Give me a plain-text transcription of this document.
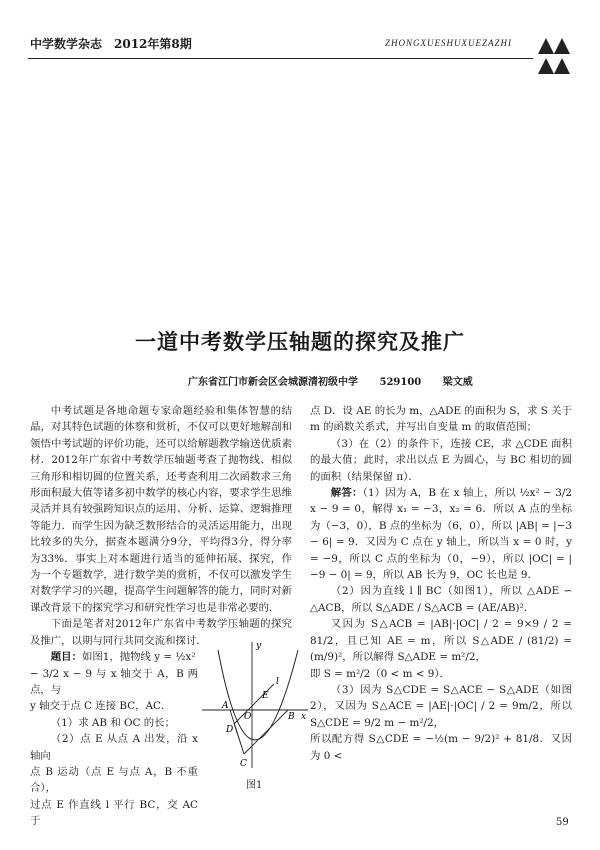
中学数学杂志　2012年第8期	ZHONGXUESHUXUEZAZHI
一道中考数学压轴题的探究及推广
广东省江门市新会区会城源清初级中学 529100 梁文威

中考试题是各地命题专家命题经验和集体智慧的结晶，对其特色试题的体察和赏析，不仅可以更好地解剖和领悟中考试题的评价功能，还可以给解题教学输送优质素材．2012年广东省中考数学压轴题考查了抛物线、相似三角形和相切圆的位置关系，还考查利用二次函数求三角形面积最大值等诸多初中数学的核心内容，要求学生思维灵活并具有较强跨知识点的运用、分析、运算、逻辑推理等能力．而学生因为缺乏数形结合的灵活运用能力，出现比较多的失分，据查本题满分9分，平均得3分，得分率为33%．事实上对本题进行适当的延伸拓展、探究，作为一个专题数学，进行数学美的赏析，不仅可以激发学生对数学学习的兴趣，提高学生问题解答的能力，同时对新课改背景下的探究学习和研究性学习也是非常必要的．

下面是笔者对2012年广东省中考数学压轴题的探究及推广，以期与同行共同交流和探讨．

题目：如图1，抛物线 y = ½x²

− 3/2 x − 9 与 x 轴交于 A，B 两点，与

y 轴交于点 C 连接 BC，AC．

（1）求 AB 和 OC 的长；

（2）点 E 从点 A 出发，沿 x 轴向

点 B 运动（点 E 与点 A，B 不重合），

过点 E 作直线 l 平行 BC，交 AC 于

y
l
E
A
O	B x
D
C
图1

点 D．设 AE 的长为 m，△ADE 的面积为 S，求 S 关于 m 的函数关系式，并写出自变量 m 的取值范围；

（3）在（2）的条件下，连接 CE，求 △CDE 面积的最大值；此时，求出以点 E 为圆心，与 BC 相切的圆的面积（结果保留 π）．

解答：（1）因为 A，B 在 x 轴上，所以 ½x² − 3/2 x − 9 = 0，解得 x₁ = −3，x₂ = 6．所以 A 点的坐标为（−3，0），B 点的坐标为（6，0），所以 |AB| = |−3 − 6| = 9．又因为 C 点在 y 轴上，所以当 x = 0 时，y = −9，所以 C 点的坐标为（0，−9），所以 |OC| = |−9 − 0| = 9，所以 AB 长为 9，OC 长也是 9．

（2）因为直线 l ∥ BC（如图1），所以 △ADE ∽ △ACB，所以 S△ADE / S△ACB = (AE/AB)²．

又因为 S△ACB = |AB|·|OC| / 2 = 9×9 / 2 = 81/2，且已知 AE = m，所以 S△ADE / (81/2) = (m/9)²，所以解得 S△ADE = m²/2，

即 S = m²/2（0 < m < 9）．

（3）因为 S△CDE = S△ACE − S△ADE（如图2），又因为 S△ACE = |AE|·|OC| / 2 = 9m/2，所以 S△CDE = 9/2 m − m²/2，

所以配方得 S△CDE = −½(m − 9/2)² + 81/8．又因为 0 <

59
